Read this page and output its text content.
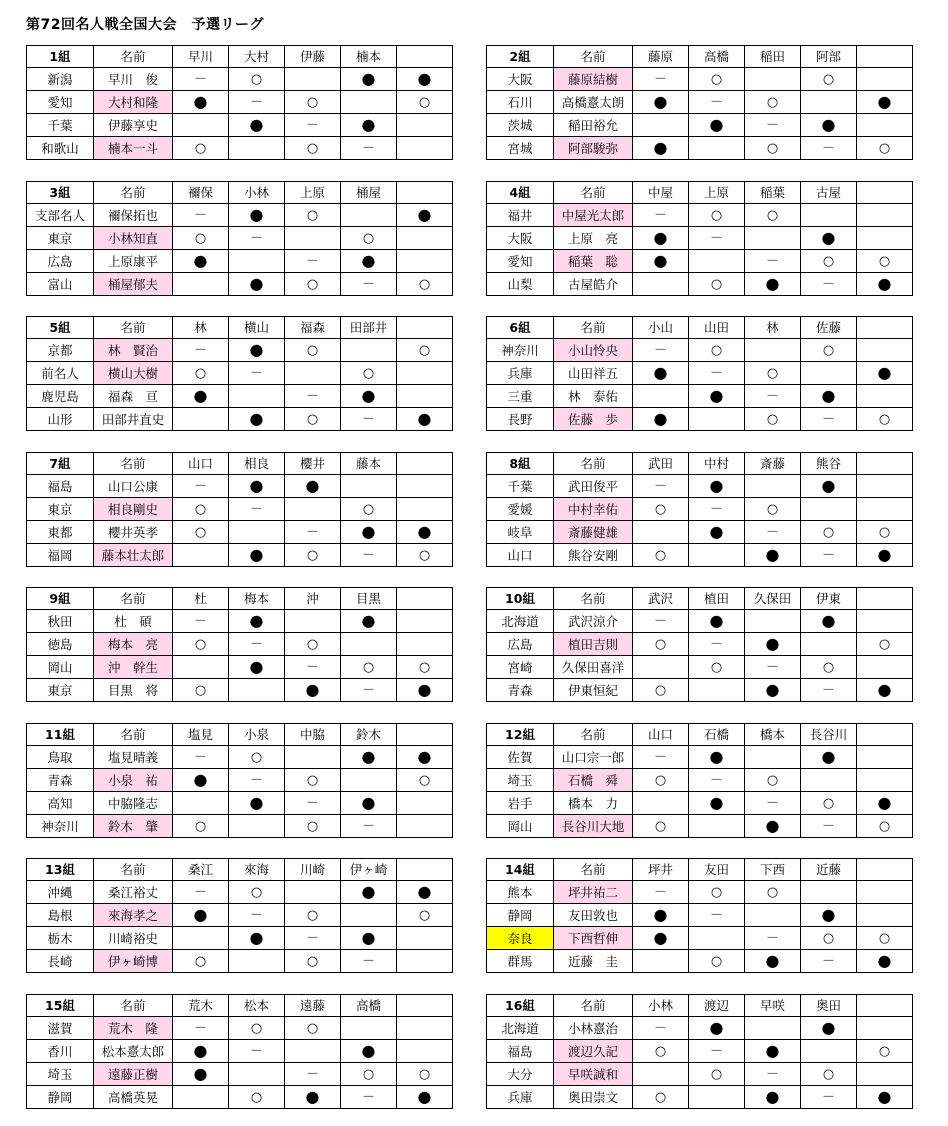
第72回名人戦全国大会　予選リーグ
1組	名前	早川	大村	伊藤	楠本	
新潟	早川　俊	－	○		●	●
愛知	大村和隆	●	－	○		○
千葉	伊藤享史		●	－	●	
和歌山	楠本一斗	○		○	－	
2組	名前	藤原	高橋	稲田	阿部	
大阪	藤原結樹	－	○		○	
石川	高橋憙太朗	●	－	○		●
茨城	稲田裕允		●	－	●	
宮城	阿部駿弥	●		○	－	○
3組	名前	禰保	小林	上原	桶屋	
支部名人	禰保拓也	－	●	○		●
東京	小林知直	○	－		○	
広島	上原康平	●		－	●	
富山	桶屋郁夫		●	○	－	○
4組	名前	中屋	上原	稲葉	古屋	
福井	中屋光太郎	－	○	○		
大阪	上原　亮	●	－		●	
愛知	稲葉　聡	●		－	○	○
山梨	古屋皓介		○	●	－	●
5組	名前	林	横山	福森	田部井	
京都	林　賢治	－	●	○		○
前名人	横山大樹	○	－		○	
鹿児島	福森　亘	●		－	●	
山形	田部井直史		●	○	－	●
6組	名前	小山	山田	林	佐藤	
神奈川	小山怜央	－	○		○	
兵庫	山田祥五	●	－	○		●
三重	林　泰佑		●	－	●	
長野	佐藤　歩	●		○	－	○
7組	名前	山口	相良	櫻井	藤本	
福島	山口公康	－	●	●		
東京	相良剛史	○	－		○	
東都	櫻井英孝	○		－	●	●
福岡	藤本壮太郎		●	○	－	○
8組	名前	武田	中村	斎藤	熊谷	
千葉	武田俊平	－	●		●	
愛媛	中村幸佑	○	－	○		
岐阜	斎藤健雄		●	－	○	○
山口	熊谷安剛	○		●	－	●
9組	名前	杜	梅本	沖	目黒	
秋田	杜　碩	－	●		●	
徳島	梅本　亮	○	－	○		
岡山	沖　幹生		●	－	○	○
東京	目黒　将	○		●	－	●
10組	名前	武沢	植田	久保田	伊東	
北海道	武沢涼介	－	●		●	
広島	植田吉則	○	－	●		○
宮崎	久保田喜洋		○	－	○	
青森	伊東恒紀	○		●	－	●
11組	名前	塩見	小泉	中脇	鈴木	
鳥取	塩見晴義	－	○		●	●
青森	小泉　祐	●	－	○		○
高知	中脇隆志		●	－	●	
神奈川	鈴木　肇	○		○	－	
12組	名前	山口	石橋	橋本	長谷川	
佐賀	山口宗一郎	－	●		●	
埼玉	石橋　舜	○	－	○		
岩手	橋本　力		●	－	○	●
岡山	長谷川大地	○		●	－	○
13組	名前	桑江	來海	川崎	伊ヶ崎	
沖縄	桑江裕丈	－	○		●	●
島根	來海孝之	●	－	○		○
栃木	川崎裕史		●	－	●	
長崎	伊ヶ崎博	○		○	－	
14組	名前	坪井	友田	下西	近藤	
熊本	坪井祐二	－	○	○		
静岡	友田敦也	●	－		●	
奈良	下西哲伸	●		－	○	○
群馬	近藤　圭		○	●	－	●
15組	名前	荒木	松本	遠藤	高橋	
滋賀	荒木　隆	－	○	○		
香川	松本憙太郎	●	－		●	
埼玉	遠藤正樹	●		－	○	○
静岡	高橋英晃		○	●	－	●
16組	名前	小林	渡辺	早咲	奥田	
北海道	小林憙治	－	●		●	
福島	渡辺久記	○	－	●		○
大分	早咲誠和		○	－	○	
兵庫	奥田崇文	○		●	－	●
